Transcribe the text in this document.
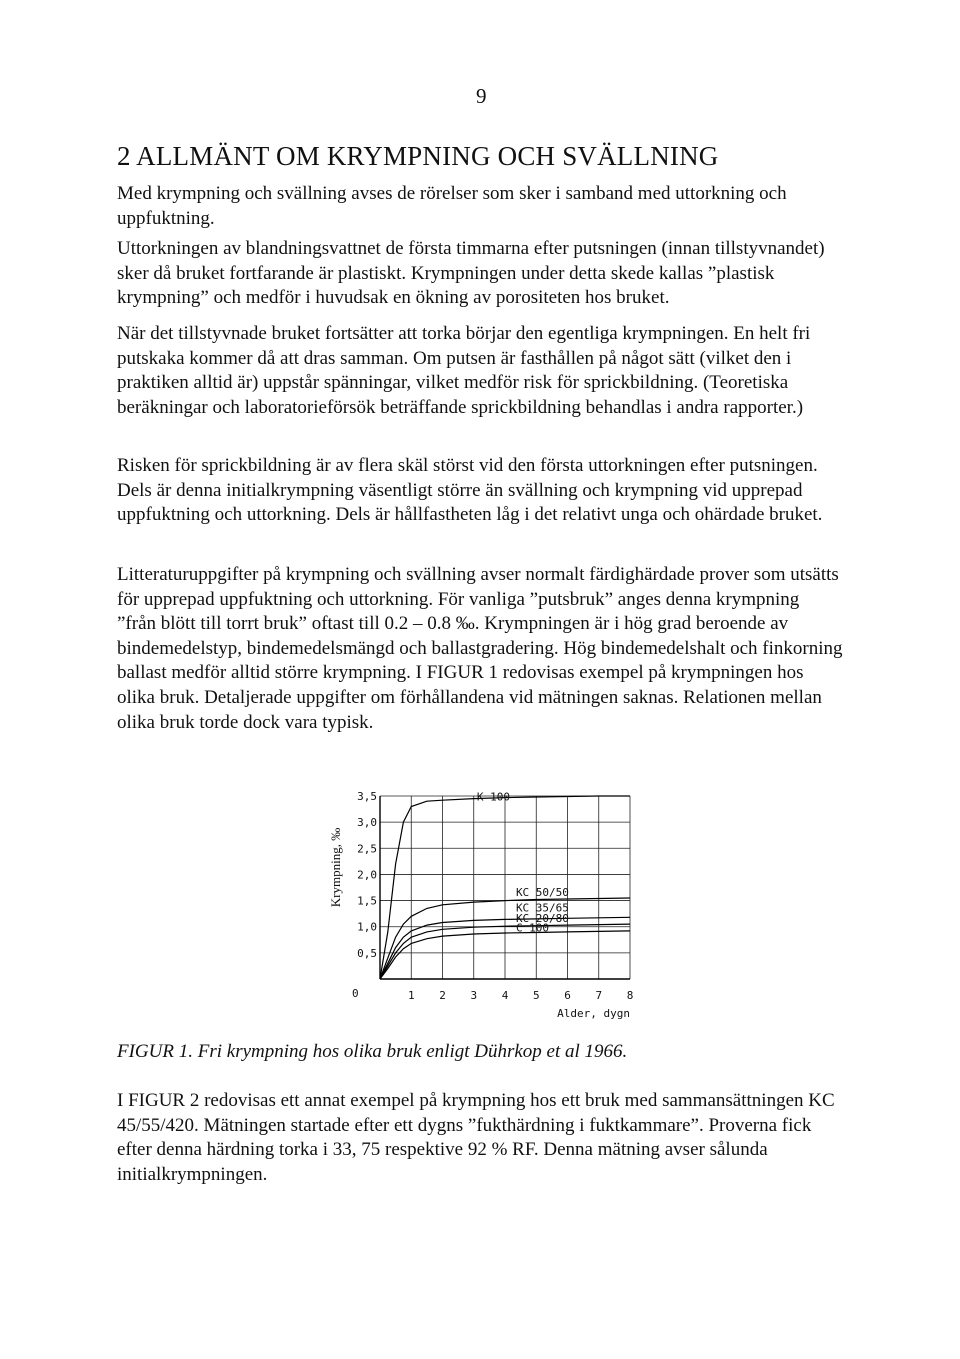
9
2 ALLMÄNT OM KRYMPNING OCH SVÄLLNING

Med krympning och svällning avses de rörelser som sker i samband med uttorkning och uppfuktning.

Uttorkningen av blandningsvattnet de första timmarna efter putsningen (innan tillstyvnandet) sker då bruket fortfarande är plastiskt. Krympningen under detta skede kallas ”plastisk krympning” och medför i huvudsak en ökning av porositeten hos bruket.

När det tillstyvnade bruket fortsätter att torka börjar den egentliga krympningen. En helt fri putskaka kommer då att dras samman. Om putsen är fasthållen på något sätt (vilket den i praktiken alltid är) uppstår spänningar, vilket medför risk för sprickbildning. (Teoretiska beräkningar och laboratorieförsök beträffande sprickbildning behandlas i andra rapporter.)

Risken för sprickbildning är av flera skäl störst vid den första uttorkningen efter putsningen. Dels är denna initialkrympning väsentligt större än svällning och krympning vid upprepad uppfuktning och uttorkning. Dels är hållfastheten låg i det relativt unga och ohärdade bruket.

Litteraturuppgifter på krympning och svällning avser normalt färdighärdade prover som utsätts för upprepad uppfuktning och uttorkning. För vanliga ”putsbruk” anges denna krympning ”från blött till torrt bruk” oftast till 0.2 – 0.8 ‰. Krympningen är i hög grad beroende av bindemedelstyp, bindemedelsmängd och ballastgradering. Hög bindemedelshalt och finkorning ballast medför alltid större krympning. I FIGUR 1 redovisas exempel på krympningen hos olika bruk. Detaljerade uppgifter om förhållandena vid mätningen saknas. Relationen mellan olika bruk torde dock vara typisk.

0,5
1,0
1,5
2,0
2,5
3,0
3,5
0	1 2 3 4 5 6 7 8
Alder, dygn
Krympning, ‰
K 100
KC 50/50
KC 35/65
KC 20/80
C 100

FIGUR 1. Fri krympning hos olika bruk enligt Dührkop et al 1966.

I FIGUR 2 redovisas ett annat exempel på krympning hos ett bruk med sammansättningen KC 45/55/420. Mätningen startade efter ett dygns ”fukthärdning i fuktkammare”. Proverna fick efter denna härdning torka i 33, 75 respektive 92 % RF. Denna mätning avser sålunda initialkrympningen.
